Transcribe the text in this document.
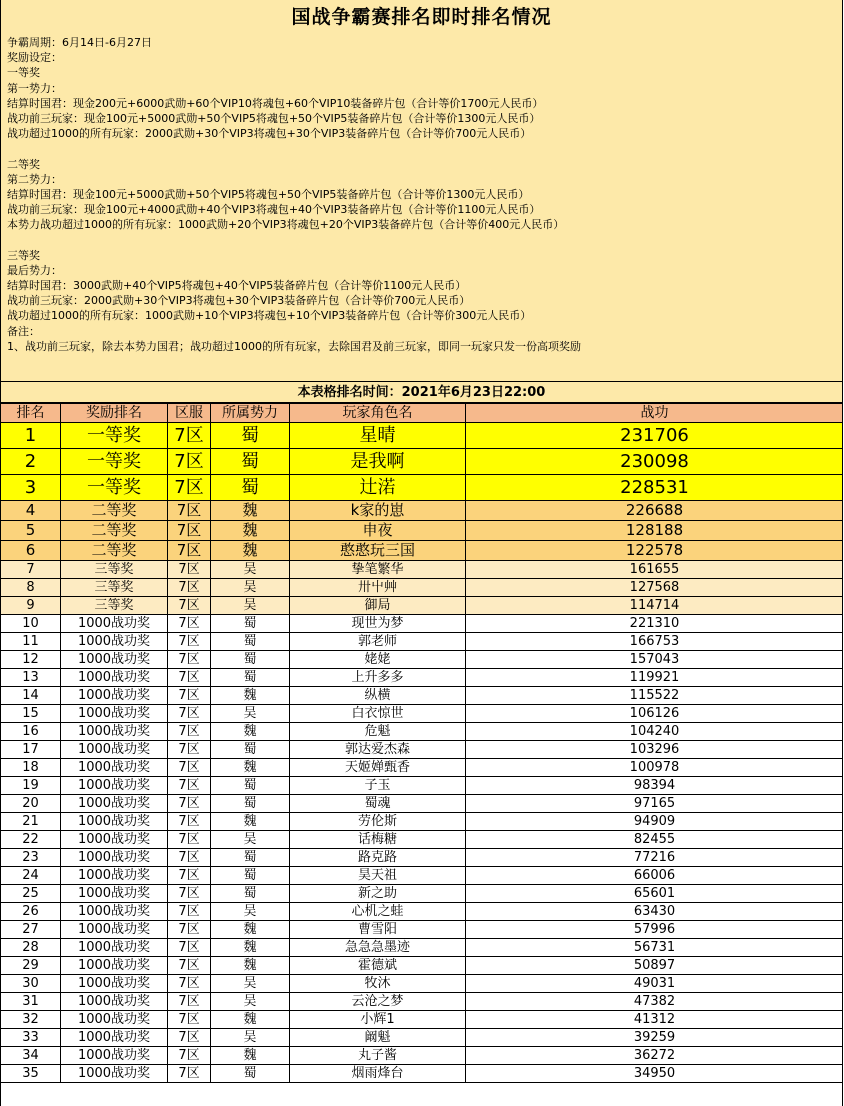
国战争霸赛排名即时排名情况
争霸周期：6月14日-6月27日
奖励设定：
一等奖
第一势力：
结算时国君：现金200元+6000武勋+60个VIP10将魂包+60个VIP10装备碎片包（合计等价1700元人民币）
战功前三玩家：现金100元+5000武勋+50个VIP5将魂包+50个VIP5装备碎片包（合计等价1300元人民币）
战功超过1000的所有玩家：2000武勋+30个VIP3将魂包+30个VIP3装备碎片包（合计等价700元人民币）
二等奖
第二势力：
结算时国君：现金100元+5000武勋+50个VIP5将魂包+50个VIP5装备碎片包（合计等价1300元人民币）
战功前三玩家：现金100元+4000武勋+40个VIP3将魂包+40个VIP3装备碎片包（合计等价1100元人民币）
本势力战功超过1000的所有玩家：1000武勋+20个VIP3将魂包+20个VIP3装备碎片包（合计等价400元人民币）
三等奖
最后势力：
结算时国君：3000武勋+40个VIP5将魂包+40个VIP5装备碎片包（合计等价1100元人民币）
战功前三玩家：2000武勋+30个VIP3将魂包+30个VIP3装备碎片包（合计等价700元人民币）
战功超过1000的所有玩家：1000武勋+10个VIP3将魂包+10个VIP3装备碎片包（合计等价300元人民币）
备注：
1、战功前三玩家，除去本势力国君；战功超过1000的所有玩家，去除国君及前三玩家，即同一玩家只发一份高项奖励
本表格排名时间：2021年6月23日22:00
排名	奖励排名	区服	所属势力	玩家角色名	战功
1	一等奖	7区	蜀	星晴	231706
2	一等奖	7区	蜀	是我啊	230098
3	一等奖	7区	蜀	辻渃	228531
4	二等奖	7区	魏	k家的崽	226688
5	二等奖	7区	魏	申夜	128188
6	二等奖	7区	魏	憨憨玩三国	122578
7	三等奖	7区	吴	挚笔繁华	161655
8	三等奖	7区	吴	卅屮艸	127568
9	三等奖	7区	吴	御局	114714
10	1000战功奖	7区	蜀	现世为梦	221310
11	1000战功奖	7区	蜀	郭老师	166753
12	1000战功奖	7区	蜀	姥姥	157043
13	1000战功奖	7区	蜀	上升多多	119921
14	1000战功奖	7区	魏	纵横	115522
15	1000战功奖	7区	吴	白衣惊世	106126
16	1000战功奖	7区	魏	危魁	104240
17	1000战功奖	7区	蜀	郭达爱杰森	103296
18	1000战功奖	7区	魏	天姬婵甄香	100978
19	1000战功奖	7区	蜀	子玉	98394
20	1000战功奖	7区	蜀	蜀魂	97165
21	1000战功奖	7区	魏	劳伦斯	94909
22	1000战功奖	7区	吴	话梅糖	82455
23	1000战功奖	7区	蜀	路克路	77216
24	1000战功奖	7区	蜀	昊天祖	66006
25	1000战功奖	7区	蜀	新之助	65601
26	1000战功奖	7区	吴	心机之蛙	63430
27	1000战功奖	7区	魏	曹雪阳	57996
28	1000战功奖	7区	魏	急急急墨迹	56731
29	1000战功奖	7区	魏	霍德斌	50897
30	1000战功奖	7区	吴	牧沐	49031
31	1000战功奖	7区	吴	云沧之梦	47382
32	1000战功奖	7区	魏	小辉1	41312
33	1000战功奖	7区	吴	阚魁	39259
34	1000战功奖	7区	魏	丸子酱	36272
35	1000战功奖	7区	蜀	烟雨烽台	34950
